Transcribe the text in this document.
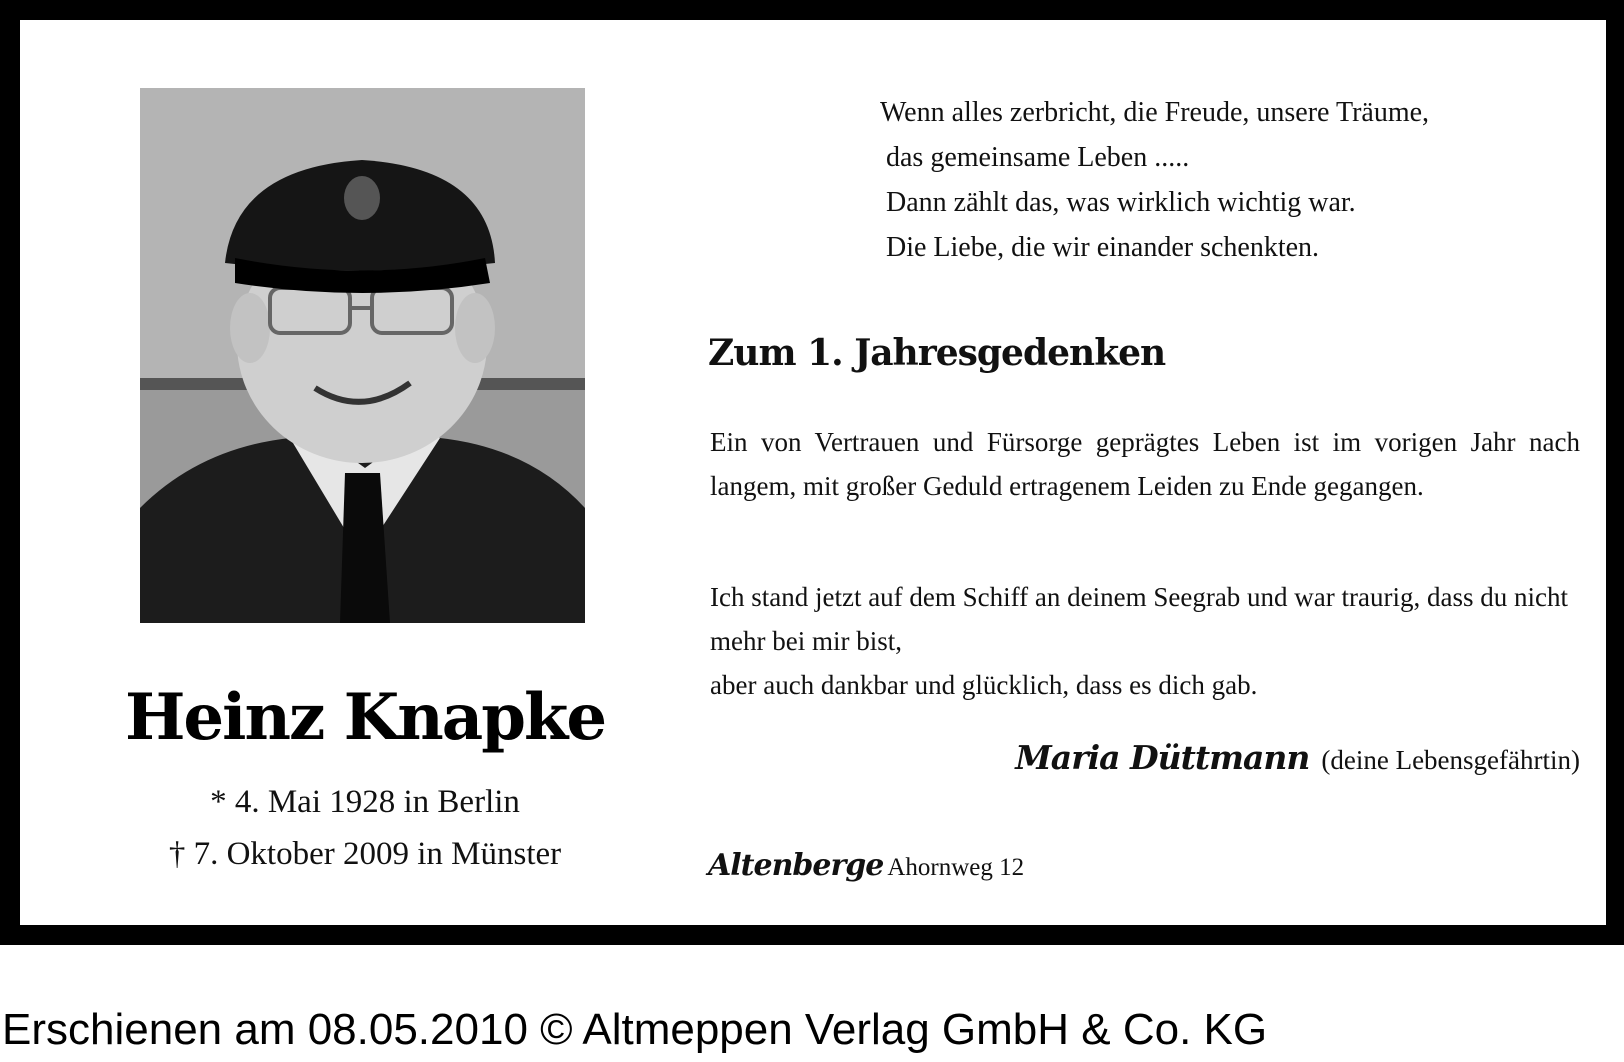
Heinz Knapke
* 4. Mai 1928 in Berlin
† 7. Oktober 2009 in Münster
Wenn alles zerbricht, die Freude, unsere Träume,
das gemeinsame Leben .....
Dann zählt das, was wirklich wichtig war.
Die Liebe, die wir einander schenkten.
Zum 1. Jahresgedenken
Ein von Vertrauen und Fürsorge geprägtes Leben ist im vorigen Jahr nach langem, mit großer Geduld ertragenem Leiden zu Ende gegangen.
Ich stand jetzt auf dem Schiff an deinem Seegrab und war traurig, dass du nicht mehr bei mir bist,
aber auch dankbar und glücklich, dass es dich gab.
Maria Düttmann (deine Lebensgefährtin)
Altenberge Ahornweg 12
Erschienen am 08.05.2010 © Altmeppen Verlag GmbH & Co. KG
